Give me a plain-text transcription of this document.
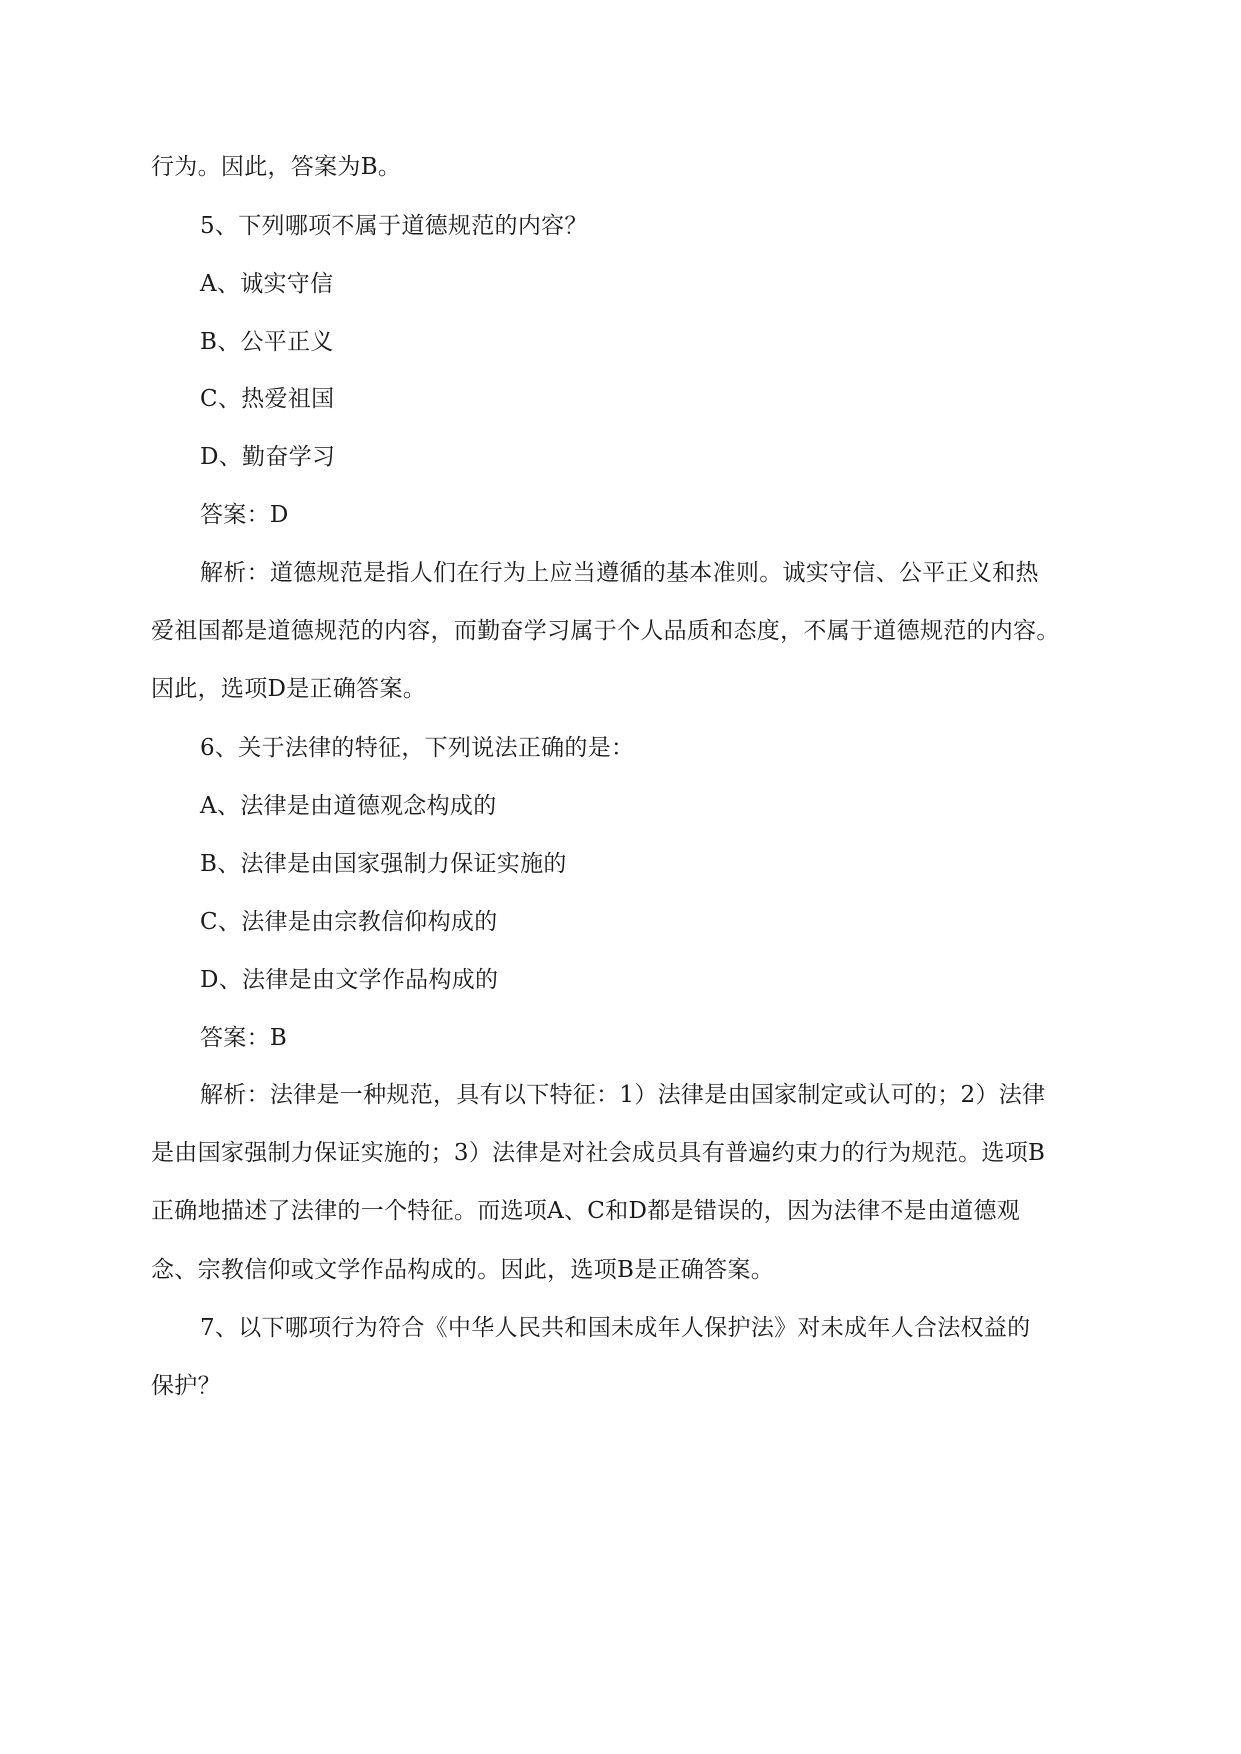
行为。因此，答案为B。
5、下列哪项不属于道德规范的内容？
A、诚实守信
B、公平正义
C、热爱祖国
D、勤奋学习
答案：D
解析：道德规范是指人们在行为上应当遵循的基本准则。诚实守信、公平正义和热
爱祖国都是道德规范的内容，而勤奋学习属于个人品质和态度，不属于道德规范的内容。
因此，选项D是正确答案。
6、关于法律的特征，下列说法正确的是：
A、法律是由道德观念构成的
B、法律是由国家强制力保证实施的
C、法律是由宗教信仰构成的
D、法律是由文学作品构成的
答案：B
解析：法律是一种规范，具有以下特征：1）法律是由国家制定或认可的；2）法律
是由国家强制力保证实施的；3）法律是对社会成员具有普遍约束力的行为规范。选项B
正确地描述了法律的一个特征。而选项A、C和D都是错误的，因为法律不是由道德观
念、宗教信仰或文学作品构成的。因此，选项B是正确答案。
7、以下哪项行为符合《中华人民共和国未成年人保护法》对未成年人合法权益的
保护？
